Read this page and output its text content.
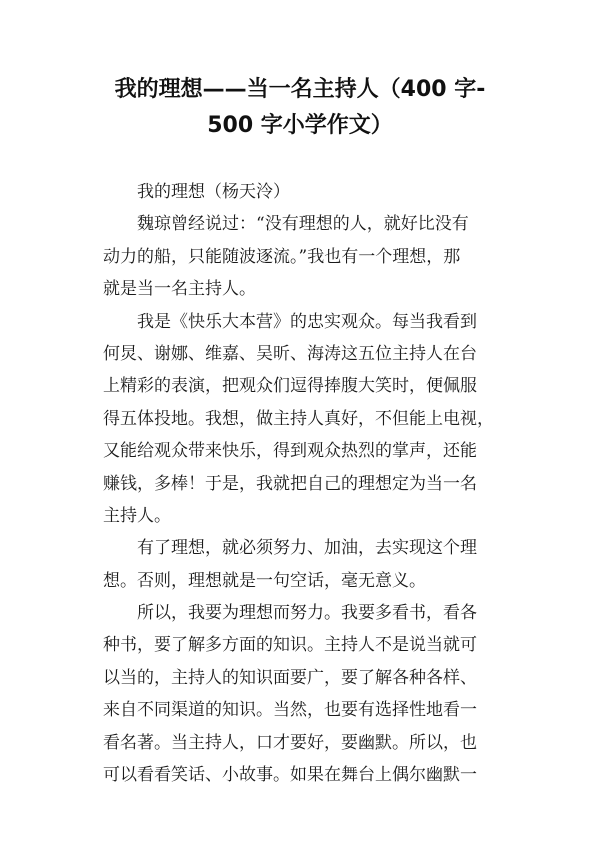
我的理想——当一名主持人（400 字-
500 字小学作文）
我的理想（杨天泠）
魏琼曾经说过：“没有理想的人，就好比没有
动力的船，只能随波逐流。”我也有一个理想，那
就是当一名主持人。
我是《快乐大本营》的忠实观众。每当我看到
何炅、谢娜、维嘉、吴昕、海涛这五位主持人在台
上精彩的表演，把观众们逗得捧腹大笑时，便佩服
得五体投地。我想，做主持人真好，不但能上电视，
又能给观众带来快乐，得到观众热烈的掌声，还能
赚钱，多棒！于是，我就把自己的理想定为当一名
主持人。
有了理想，就必须努力、加油，去实现这个理
想。否则，理想就是一句空话，毫无意义。
所以，我要为理想而努力。我要多看书，看各
种书，要了解多方面的知识。主持人不是说当就可
以当的，主持人的知识面要广，要了解各种各样、
来自不同渠道的知识。当然，也要有选择性地看一
看名著。当主持人，口才要好，要幽默。所以，也
可以看看笑话、小故事。如果在舞台上偶尔幽默一
